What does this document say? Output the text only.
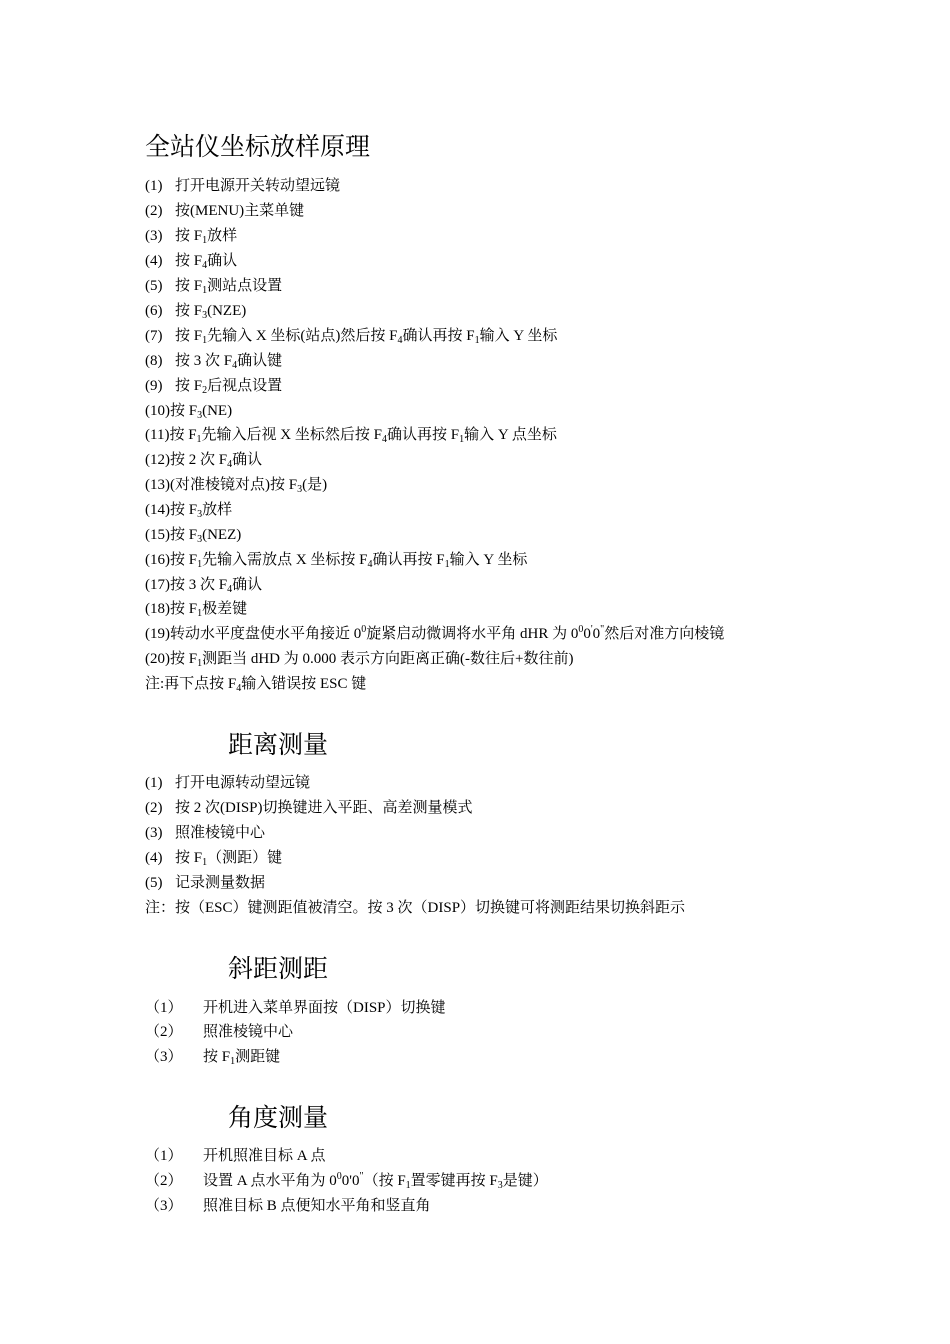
全站仪坐标放样原理
(1)打开电源开关转动望远镜
(2)按(MENU)主菜单键
(3)按 $F_1$放样
(4)按 $F_4$确认
(5)按 $F_1$测站点设置
(6)按 $F_3(NZE)$
(7)按 $F_1$先输入 X 坐标(站点)然后按 $F_4$确认再按 $F_1$输入 Y 坐标
(8)按 3 次 $F_4$确认键
(9)按 $F_2$后视点设置
(10)按 $F_3(NE)$
(11)按 $F_1$先输入后视 X 坐标然后按 $F_4$确认再按 $F_1$输入 Y 点坐标
(12)按 2 次 $F_4$确认
(13)(对准棱镜对点)按 $F_3$(是)
(14)按 $F_3$放样
(15)按 $F_3(NEZ)$
(16)按 $F_1$先输入需放点 X 坐标按 $F_4$确认再按 $F_1$输入 Y 坐标
(17)按 3 次 $F_4$确认
(18)按 $F_1$极差键
(19)转动水平度盘使水平角接近 $0^0$旋紧启动微调将水平角 dHR 为 $0^00'0^"$然后对准方向棱镜
(20)按 $F_1$测距当 dHD 为 0.000 表示方向距离正确(-数往后+数往前)
注:再下点按 $F_4$输入错误按 ESC 键
距离测量
(1)打开电源转动望远镜
(2)按 2 次(DISP)切换键进入平距、高差测量模式
(3)照准棱镜中心
(4)按 $F_1$（测距）键
(5)记录测量数据
注：按（ESC）键测距值被清空。按 3 次（DISP）切换键可将测距结果切换斜距示
斜距测距
（1） 开机进入菜单界面按（DISP）切换键
（2） 照准棱镜中心
（3） 按 $F_1$测距键
角度测量
（1） 开机照准目标 A 点
（2） 设置 A 点水平角为 $0^00'0^"$（按 $F_1$置零键再按 $F_3$是键）
（3） 照准目标 B 点便知水平角和竖直角
